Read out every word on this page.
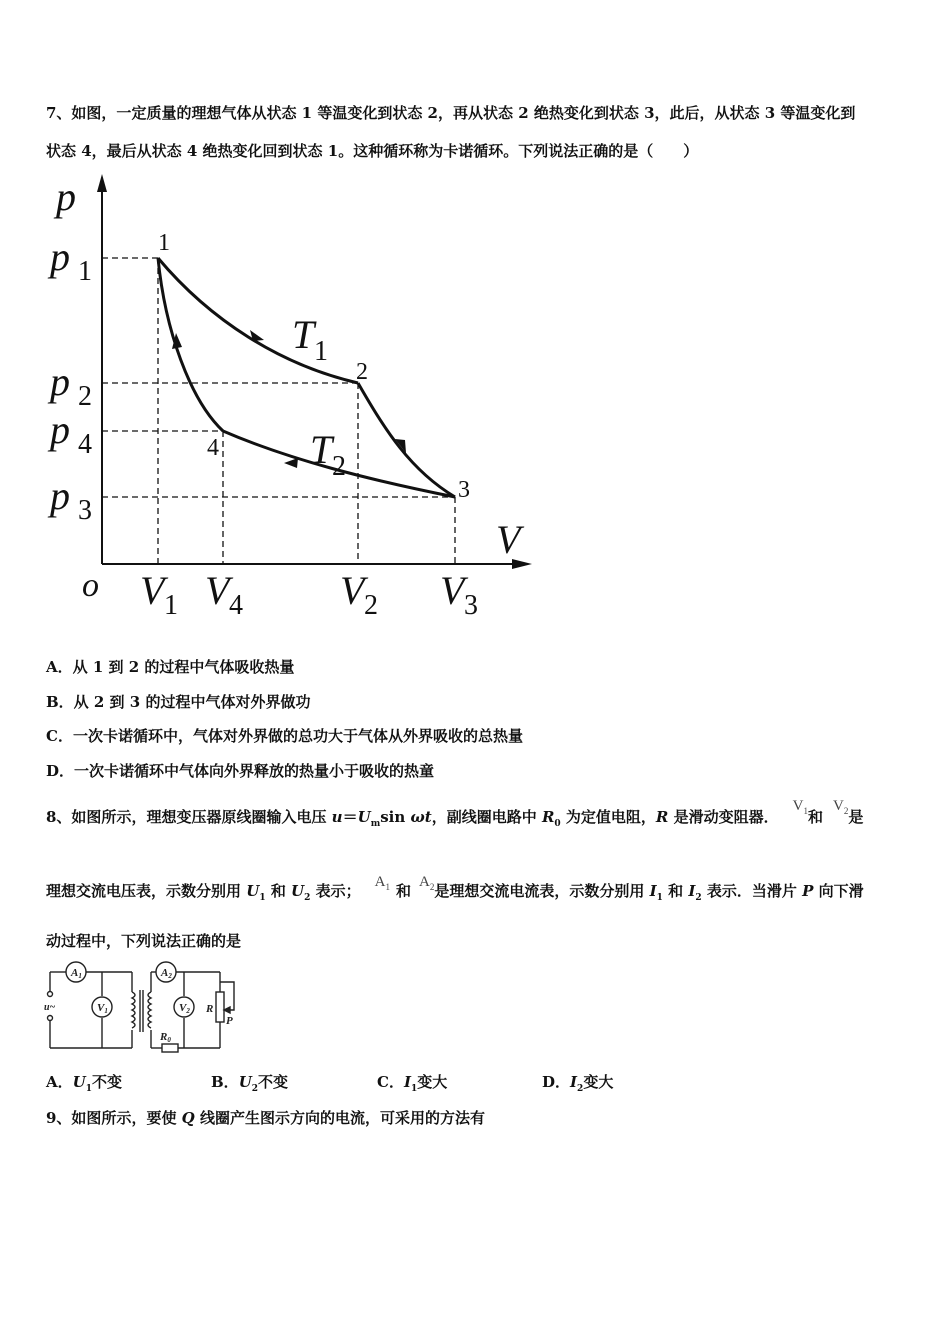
7、如图，一定质量的理想气体从状态 1 等温变化到状态 2，再从状态 2 绝热变化到状态 3，此后，从状态 3 等温变化到
状态 4，最后从状态 4 绝热变化回到状态 1。这种循环称为卡诺循环。下列说法正确的是（　　）
p
V
o
p 1
p 2
p 4
p 3
V 1 V 4 V 2 V 3
T 1
T 2
1
2
3
4
A．从 1 到 2 的过程中气体吸收热量
B．从 2 到 3 的过程中气体对外界做功
C．一次卡诺循环中，气体对外界做的总功大于气体从外界吸收的总热量
D．一次卡诺循环中气体向外界释放的热量小于吸收的热童
8、如图所示，理想变压器原线圈输入电压 $u=U_m\sin$ ωt，副线圈电路中 $R_0$ 为定值电阻，R 是滑动变阻器．$V_1$和$V_2$是
理想交流电压表，示数分别用 $U_1$ 和 $U_2$ 表示； $A_1$ 和 $A_2$是理想交流电流表，示数分别用 $I_1$ 和 $I_2$ 表示．当滑片 P 向下滑
动过程中，下列说法正确的是
A1
V1
A2
V2
u~	R
P
R0
A．$U_1$不变	B．$U_2$不变	C．$I_1$变大	D．$I_2$变大
9、如图所示，要使 Q 线圈产生图示方向的电流，可采用的方法有
